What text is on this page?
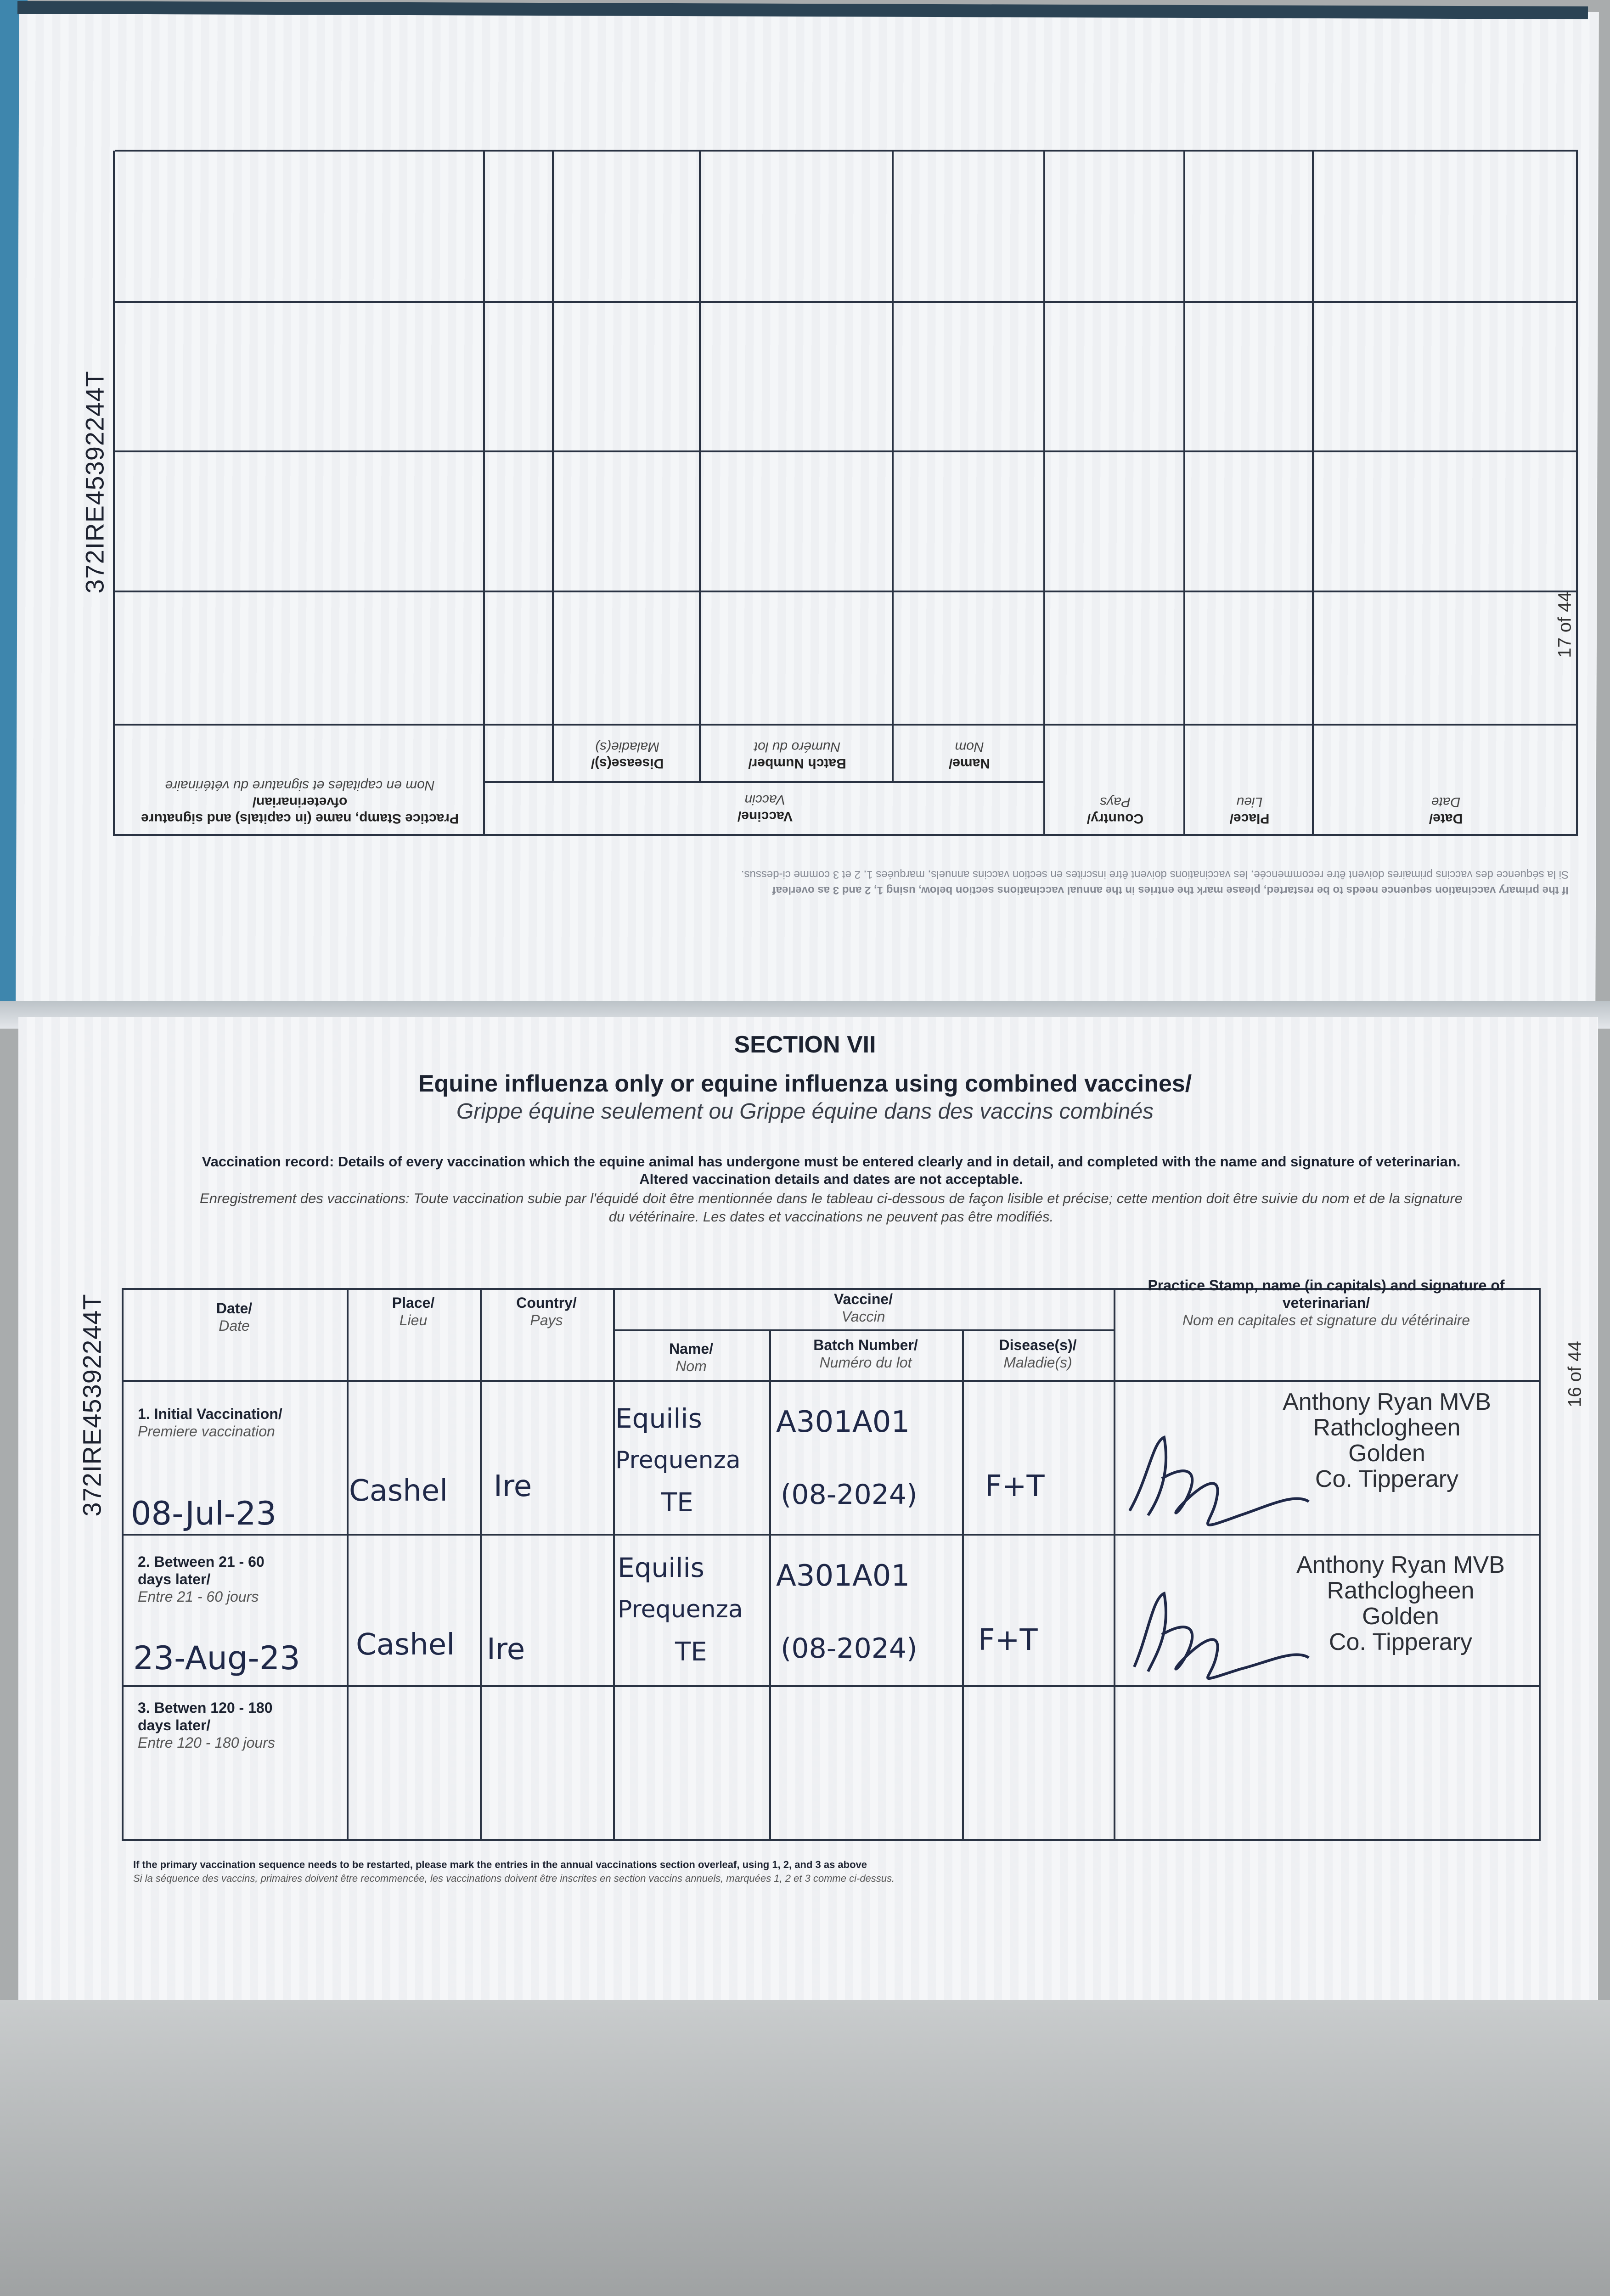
Date/
Date
Place/
Lieu
Country/
Pays
Vaccine/
Vaccin
Name/
Nom
Batch Number/
Numéro du lot
Disease(s)/
Maladie(s)
Practice Stamp, name (in capitals) and signature ofveterinarian/
Nom en capitales et signature du vétérinaire
Si la séquence des vaccins primaires doivent être recommencée, les vaccinations doivent être inscrites en section vaccins annuels, marquées 1, 2 et 3 comme ci-dessus.
If the primary vaccination sequence needs to be restarted, please mark the entries in the annual vaccinations section below, using 1, 2 and 3 as overleaf
372IRE45392244T
17 of 44
372IRE45392244T	16 of 44
SECTION VII
Equine influenza only or equine influenza using combined vaccines/
Grippe équine seulement ou Grippe équine dans des vaccins combinés
Vaccination record: Details of every vaccination which the equine animal has undergone must be entered clearly and in detail, and completed with the name and signature of veterinarian.
Altered vaccination details and dates are not acceptable.
Enregistrement des vaccinations: Toute vaccination subie par l'équidé doit être mentionnée dans le tableau ci-dessous de façon lisible et précise; cette mention doit être suivie du nom et de la signature
du vétérinaire. Les dates et vaccinations ne peuvent pas être modifiés.
Date/
Date
Place/
Lieu
Country/
Pays
Vaccine/
Vaccin
Name/
Nom
Batch Number/
Numéro du lot
Disease(s)/
Maladie(s)
Practice Stamp, name (in capitals) and signature of
veterinarian/
Nom en capitales et signature du vétérinaire
1. Initial Vaccination/
Premiere vaccination
2. Between 21 - 60
days later/
Entre 21 - 60 jours
3. Betwen 120 - 180
days later/
Entre 120 - 180 jours
08-Jul-23
Cashel Ire
Equilis
Prequenza
TE
A301A01
(08-2024) F+T
Anthony Ryan MVB
Rathclogheen
Golden
Co. Tipperary
23-Aug-23 Cashel Ire
Equilis
Prequenza
TE
A301A01
(08-2024) F+T
Anthony Ryan MVB
Rathclogheen
Golden
Co. Tipperary
If the primary vaccination sequence needs to be restarted, please mark the entries in the annual vaccinations section overleaf, using 1, 2, and 3 as above
Si la séquence des vaccins, primaires doivent être recommencée, les vaccinations doivent être inscrites en section vaccins annuels, marquées 1, 2 et 3 comme ci-dessus.
